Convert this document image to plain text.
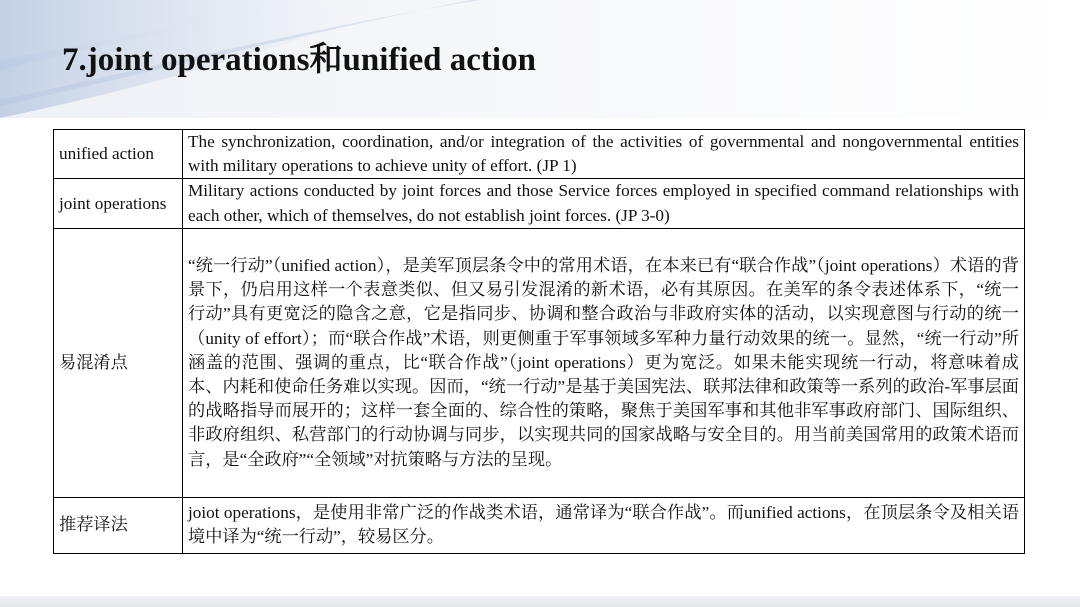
7.joint operations和unified action
unified action	The synchronization, coordination, and/or integration of the activities of governmental and nongovernmental entities with military operations to achieve unity of effort. (JP 1)
joint operations	Military actions conducted by joint forces and those Service forces employed in specified command relationships with each other, which of themselves, do not establish joint forces. (JP 3-0)
易混淆点	“统一行动”（unified action），是美军顶层条令中的常用术语，在本来已有“联合作战”（joint operations）术语的背景下，仍启用这样一个表意类似、但又易引发混淆的新术语，必有其原因。在美军的条令表述体系下，“统一行动”具有更宽泛的隐含之意，它是指同步、协调和整合政治与非政府实体的活动，以实现意图与行动的统一（unity of effort）；而“联合作战”术语，则更侧重于军事领域多军种力量行动效果的统一。显然，“统一行动”所涵盖的范围、强调的重点，比“联合作战”（joint operations）更为宽泛。如果未能实现统一行动，将意味着成本、内耗和使命任务难以实现。因而，“统一行动”是基于美国宪法、联邦法律和政策等一系列的政治-军事层面的战略指导而展开的；这样一套全面的、综合性的策略，聚焦于美国军事和其他非军事政府部门、国际组织、非政府组织、私营部门的行动协调与同步，以实现共同的国家战略与安全目的。用当前美国常用的政策术语而言，是“全政府”“全领域”对抗策略与方法的呈现。
推荐译法	joiot operations，是使用非常广泛的作战类术语，通常译为“联合作战”。而unified actions，在顶层条令及相关语境中译为“统一行动”，较易区分。
